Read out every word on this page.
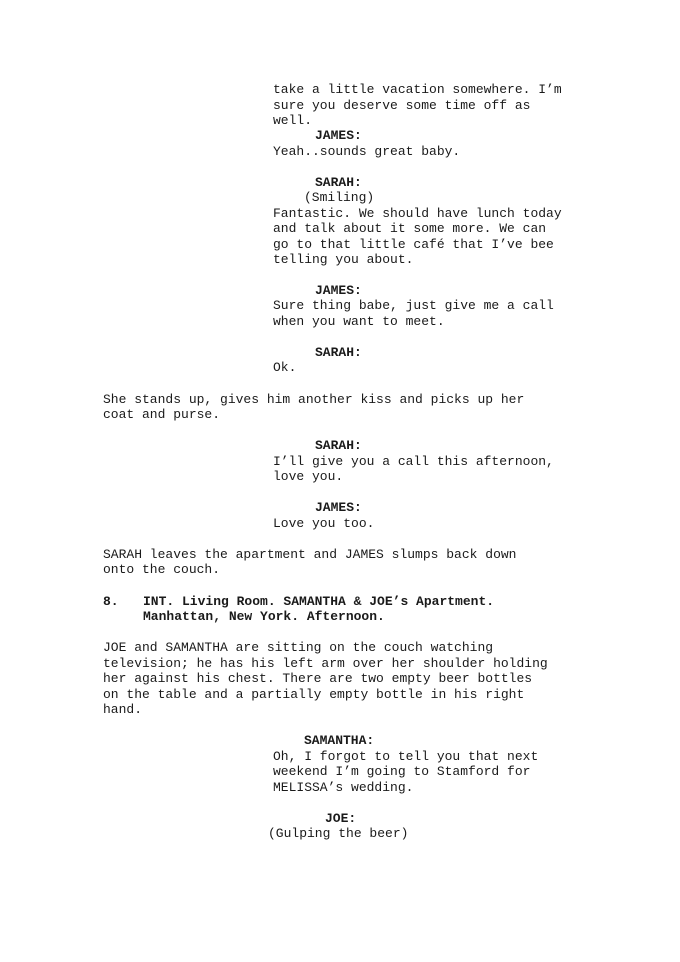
take a little vacation somewhere. I’m
sure you deserve some time off as
well.
JAMES:
Yeah..sounds great baby.
SARAH:
(Smiling)
Fantastic. We should have lunch today
and talk about it some more. We can
go to that little café that I’ve bee
telling you about.
JAMES:
Sure thing babe, just give me a call
when you want to meet.
SARAH:
Ok.
She stands up, gives him another kiss and picks up her
coat and purse.
SARAH:
I’ll give you a call this afternoon,
love you.
JAMES:
Love you too.
SARAH leaves the apartment and JAMES slumps back down
onto the couch.
8. INT. Living Room. SAMANTHA & JOE’s Apartment.
Manhattan, New York. Afternoon.
JOE and SAMANTHA are sitting on the couch watching
television; he has his left arm over her shoulder holding
her against his chest. There are two empty beer bottles
on the table and a partially empty bottle in his right
hand.
SAMANTHA:
Oh, I forgot to tell you that next
weekend I’m going to Stamford for
MELISSA’s wedding.
JOE:
(Gulping the beer)
